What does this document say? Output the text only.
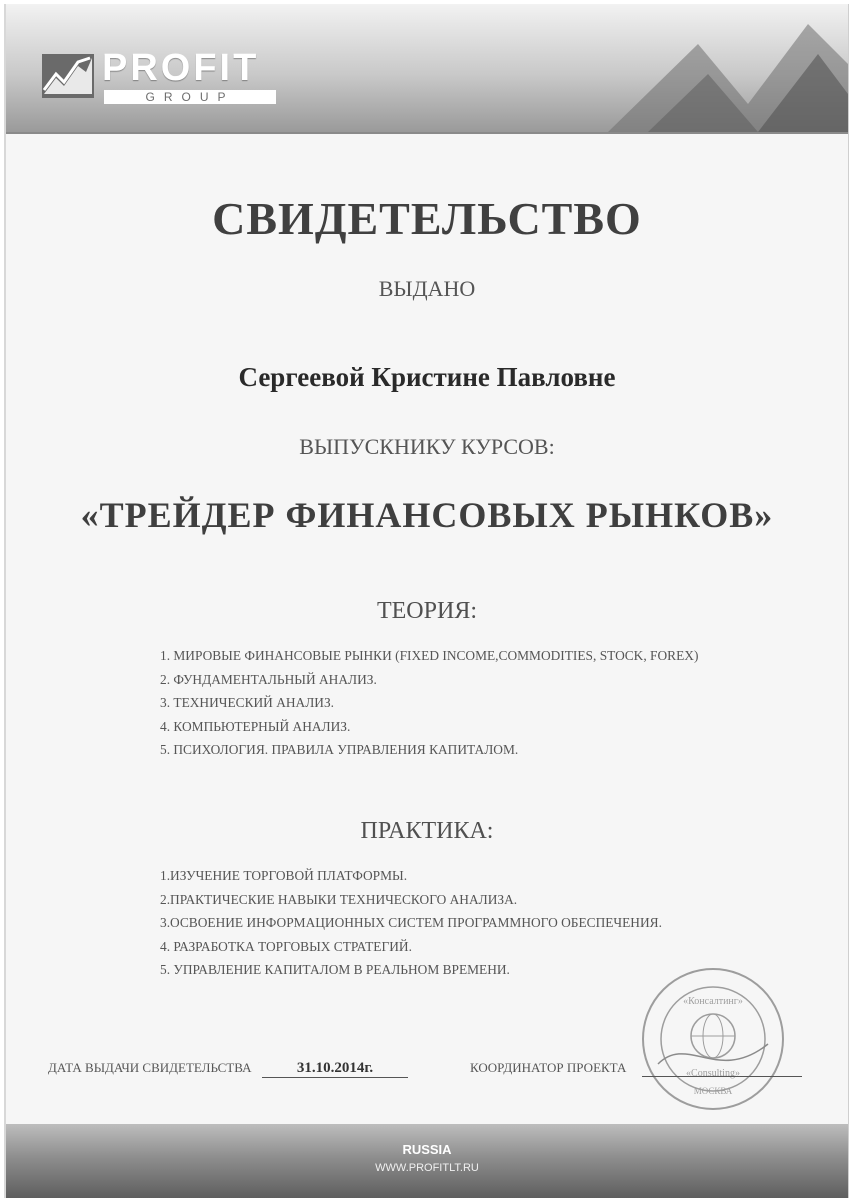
PROFIT
GROUP
СВИДЕТЕЛЬСТВО
ВЫДАНО
Сергеевой Кристине Павловне
ВЫПУСКНИКУ КУРСОВ:
«ТРЕЙДЕР ФИНАНСОВЫХ РЫНКОВ»
ТЕОРИЯ:
1. МИРОВЫЕ ФИНАНСОВЫЕ РЫНКИ (FIXED INCOME,COMMODITIES, STOCK, FOREX)
2. ФУНДАМЕНТАЛЬНЫЙ АНАЛИЗ.
3. ТЕХНИЧЕСКИЙ АНАЛИЗ.
4. КОМПЬЮТЕРНЫЙ АНАЛИЗ.
5. ПСИХОЛОГИЯ. ПРАВИЛА УПРАВЛЕНИЯ КАПИТАЛОМ.
ПРАКТИКА:
1.ИЗУЧЕНИЕ ТОРГОВОЙ ПЛАТФОРМЫ.
2.ПРАКТИЧЕСКИЕ НАВЫКИ ТЕХНИЧЕСКОГО АНАЛИЗА.
3.ОСВОЕНИЕ ИНФОРМАЦИОННЫХ СИСТЕМ ПРОГРАММНОГО ОБЕСПЕЧЕНИЯ.
4. РАЗРАБОТКА ТОРГОВЫХ СТРАТЕГИЙ.
5. УПРАВЛЕНИЕ КАПИТАЛОМ В РЕАЛЬНОМ ВРЕМЕНИ.
ДАТА ВЫДАЧИ СВИДЕТЕЛЬСТВА	31.10.2014г.	КООРДИНАТОР ПРОЕКТА
«Консалтинг»
«Consulting»
МОСКВА
RUSSIA
WWW.PROFITLT.RU
